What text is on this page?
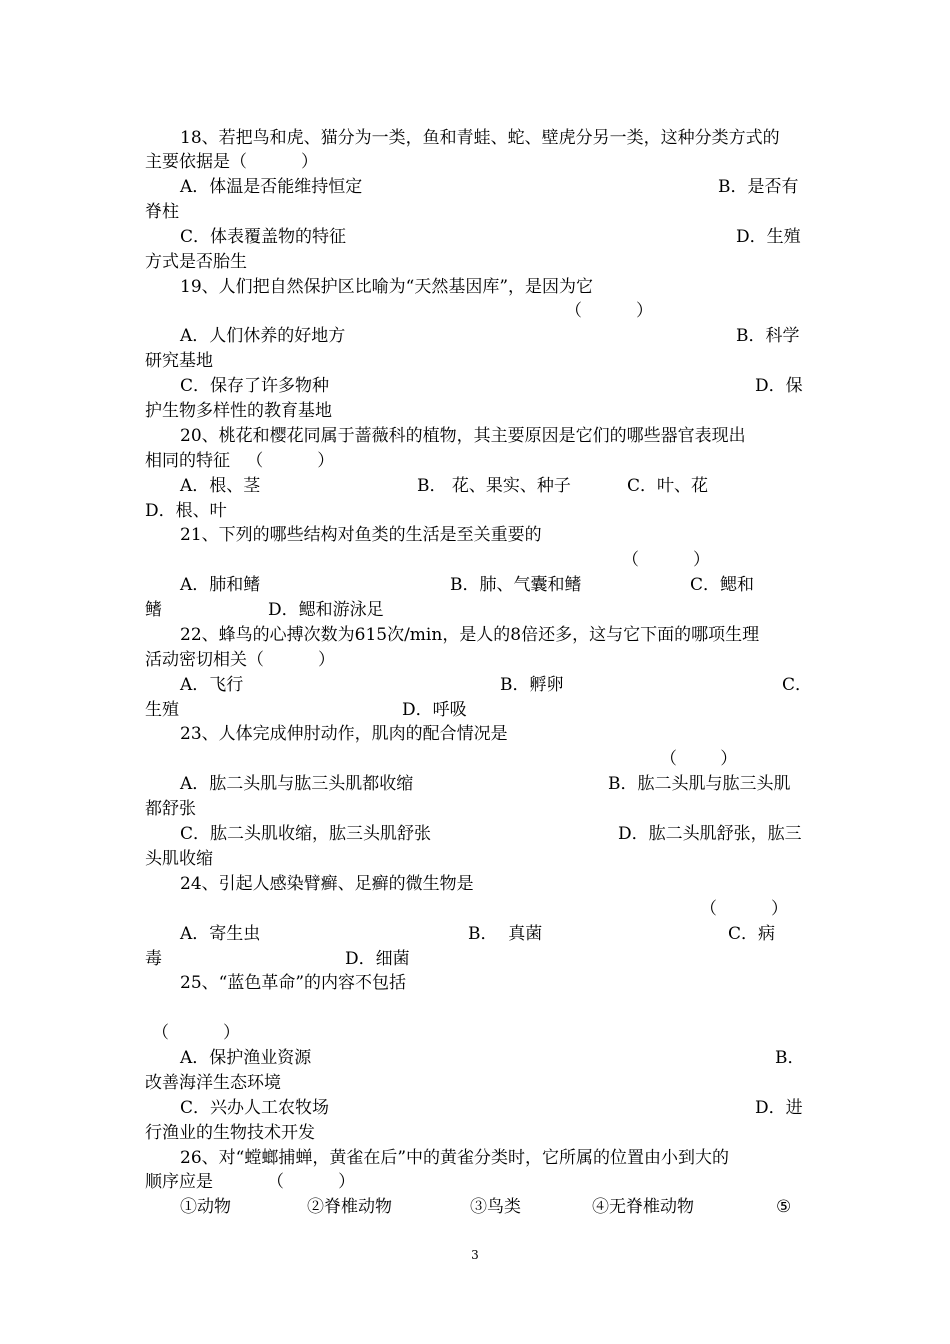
18、若把鸟和虎、猫分为一类，鱼和青蛙、蛇、壁虎分另一类，这种分类方式的
主要依据是（          ）
A．体温是否能维持恒定	B．是否有
脊柱
C．体表覆盖物的特征	D．生殖
方式是否胎生
19、人们把自然保护区比喻为“天然基因库”，是因为它
（          ）
A．人们休养的好地方	B．科学
研究基地
C．保存了许多物种	D．保
护生物多样性的教育基地
20、桃花和樱花同属于蔷薇科的植物，其主要原因是它们的哪些器官表现出
相同的特征   （          ）
A．根、茎	B． 花、果实、种子	C．叶、花
D．根、叶
21、下列的哪些结构对鱼类的生活是至关重要的
（          ）
A．肺和鳍	B．肺、气囊和鳍	C．鳃和
鳍	D．鳃和游泳足
22、蜂鸟的心搏次数为615次/min，是人的8倍还多，这与它下面的哪项生理
活动密切相关（          ）
A．飞行	B．孵卵	C．
生殖	D．呼吸
23、人体完成伸肘动作，肌肉的配合情况是
（        ）
A．肱二头肌与肱三头肌都收缩	B．肱二头肌与肱三头肌
都舒张
C．肱二头肌收缩，肱三头肌舒张	D．肱二头肌舒张，肱三
头肌收缩
24、引起人感染臂癣、足癣的微生物是
（          ）
A．寄生虫	B．  真菌	C．病
毒	D．细菌
25、“蓝色革命”的内容不包括
（          ）
A．保护渔业资源	B．
改善海洋生态环境
C．兴办人工农牧场	D．进
行渔业的生物技术开发
26、对“螳螂捕蝉，黄雀在后”中的黄雀分类时，它所属的位置由小到大的
顺序应是          （          ）
①动物	②脊椎动物	③鸟类	④无脊椎动物	⑤
3
